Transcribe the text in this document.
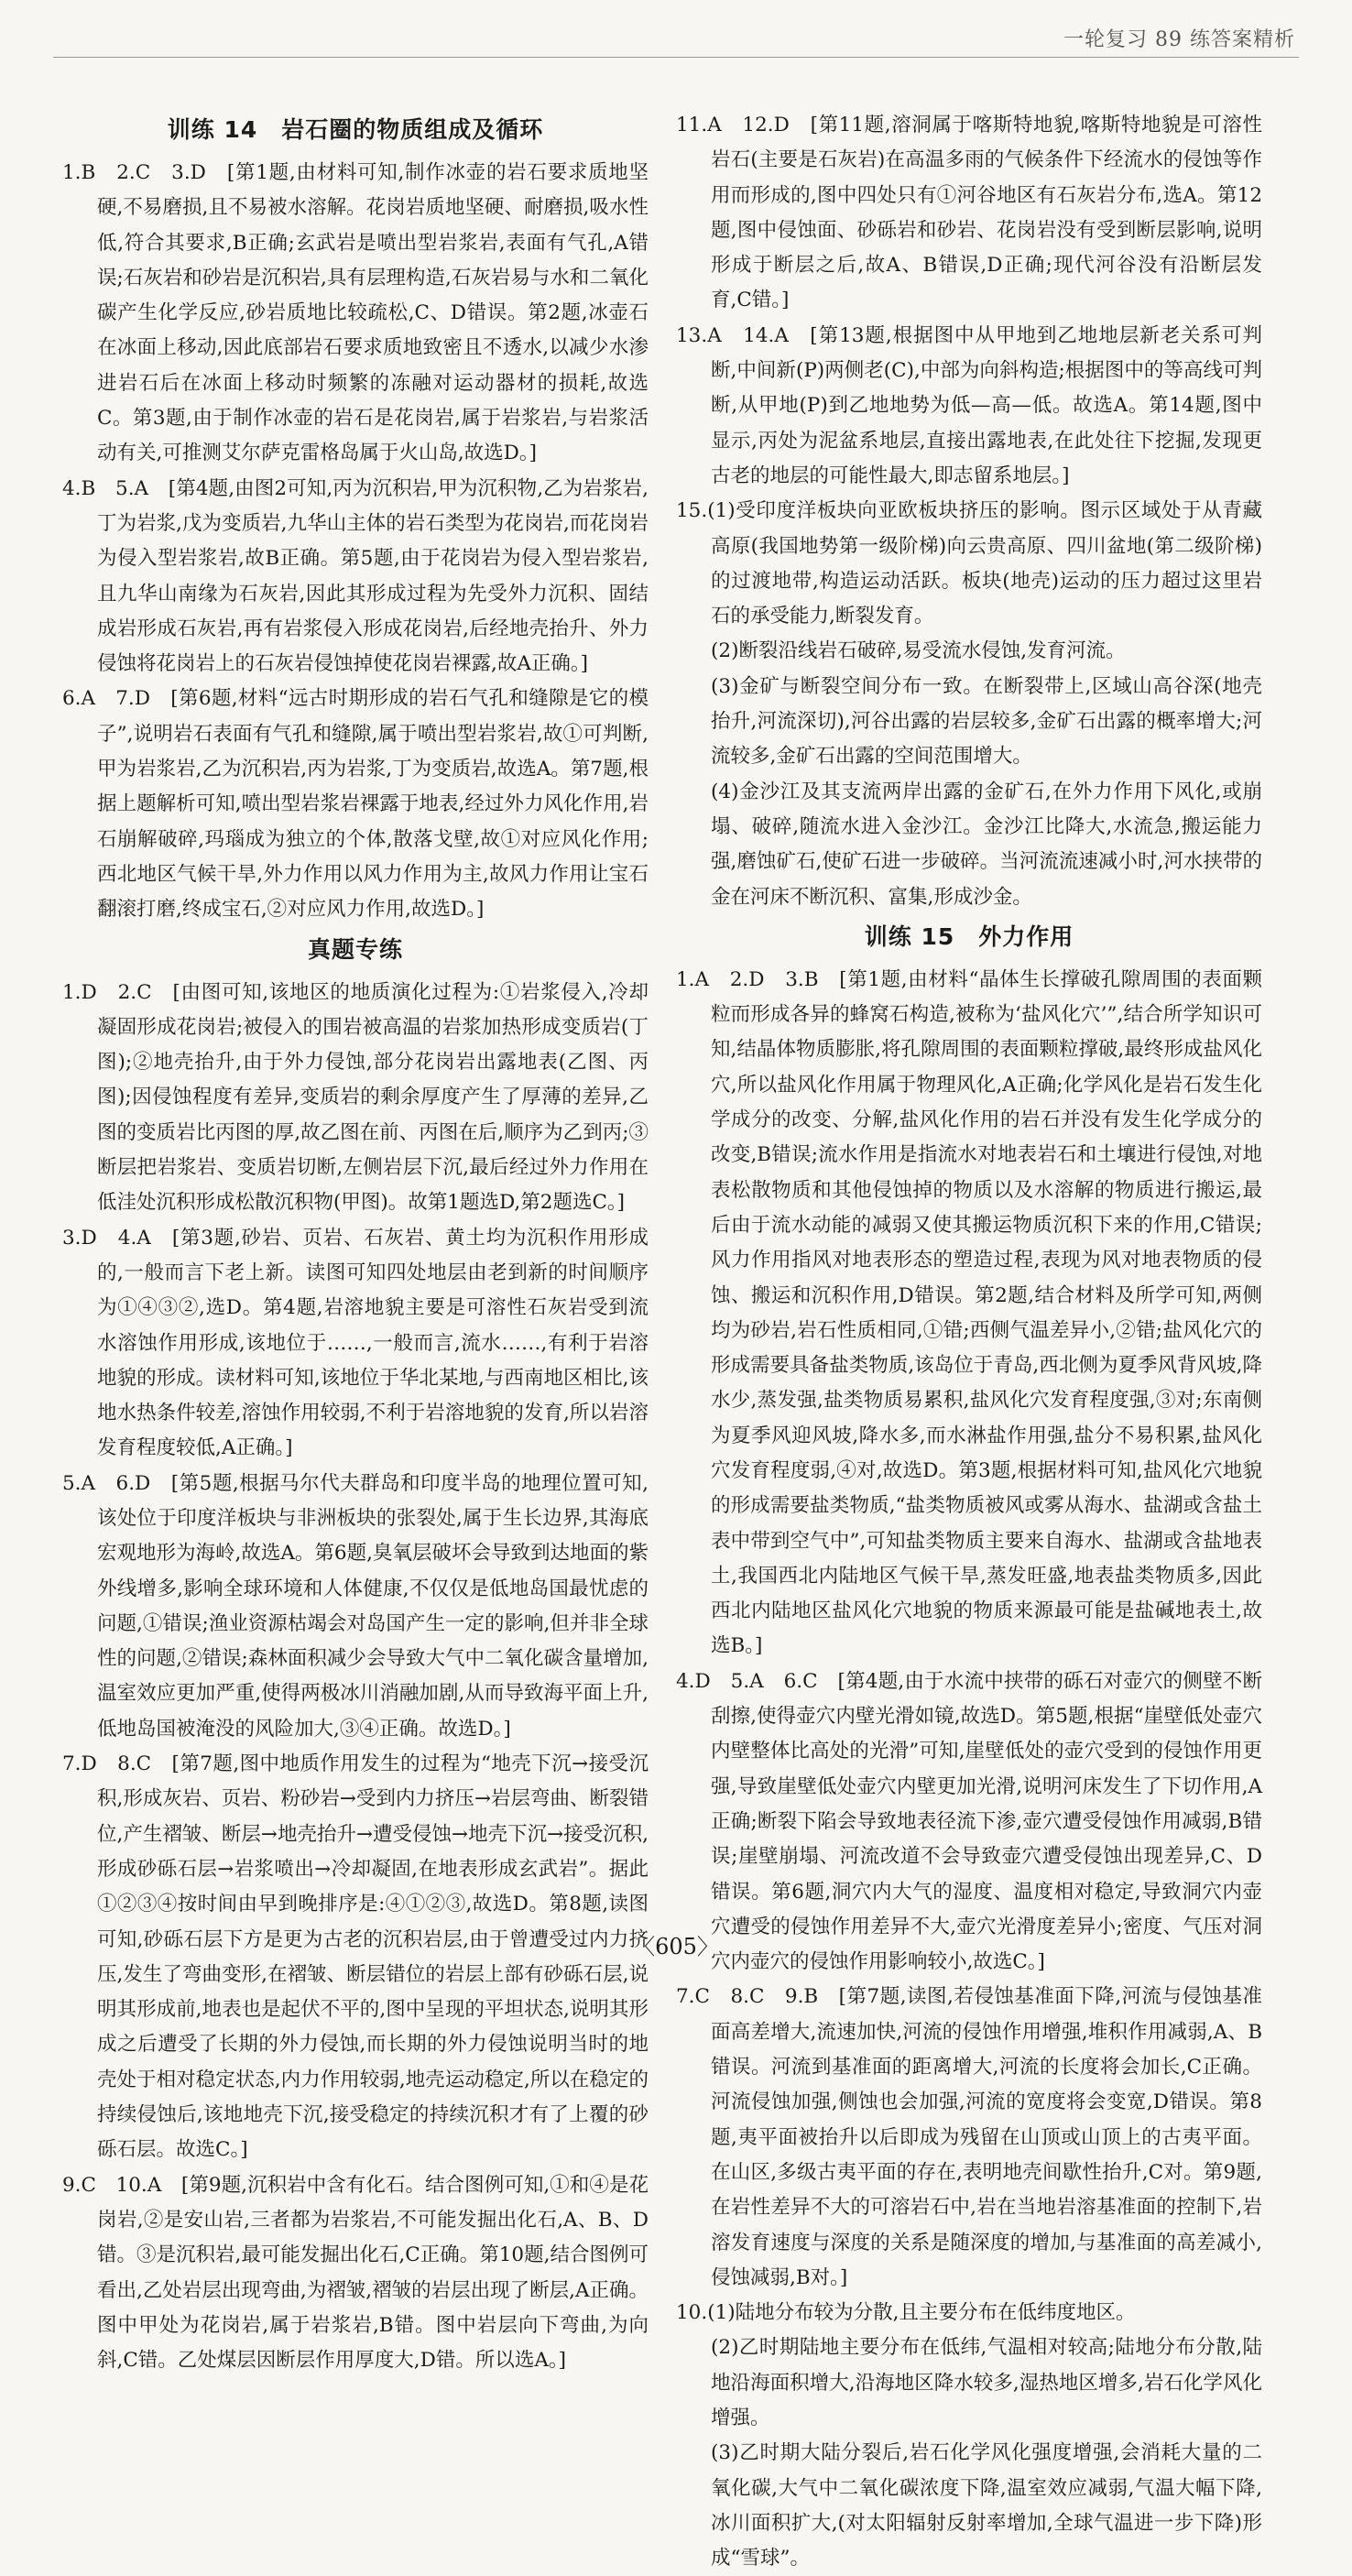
一轮复习 89 练答案精析
训练 14　岩石圈的物质组成及循环

1.B　2.C　3.D　[第1题,由材料可知,制作冰壶的岩石要求质地坚硬,不易磨损,且不易被水溶解。花岗岩质地坚硬、耐磨损,吸水性低,符合其要求,B正确;玄武岩是喷出型岩浆岩,表面有气孔,A错误;石灰岩和砂岩是沉积岩,具有层理构造,石灰岩易与水和二氧化碳产生化学反应,砂岩质地比较疏松,C、D错误。第2题,冰壶石在冰面上移动,因此底部岩石要求质地致密且不透水,以减少水渗进岩石后在冰面上移动时频繁的冻融对运动器材的损耗,故选C。第3题,由于制作冰壶的岩石是花岗岩,属于岩浆岩,与岩浆活动有关,可推测艾尔萨克雷格岛属于火山岛,故选D。]

4.B　5.A　[第4题,由图2可知,丙为沉积岩,甲为沉积物,乙为岩浆岩,丁为岩浆,戊为变质岩,九华山主体的岩石类型为花岗岩,而花岗岩为侵入型岩浆岩,故B正确。第5题,由于花岗岩为侵入型岩浆岩,且九华山南缘为石灰岩,因此其形成过程为先受外力沉积、固结成岩形成石灰岩,再有岩浆侵入形成花岗岩,后经地壳抬升、外力侵蚀将花岗岩上的石灰岩侵蚀掉使花岗岩裸露,故A正确。]

6.A　7.D　[第6题,材料“远古时期形成的岩石气孔和缝隙是它的模子”,说明岩石表面有气孔和缝隙,属于喷出型岩浆岩,故①可判断,甲为岩浆岩,乙为沉积岩,丙为岩浆,丁为变质岩,故选A。第7题,根据上题解析可知,喷出型岩浆岩裸露于地表,经过外力风化作用,岩石崩解破碎,玛瑙成为独立的个体,散落戈壁,故①对应风化作用;西北地区气候干旱,外力作用以风力作用为主,故风力作用让宝石翻滚打磨,终成宝石,②对应风力作用,故选D。]

真题专练

1.D　2.C　[由图可知,该地区的地质演化过程为:①岩浆侵入,冷却凝固形成花岗岩;被侵入的围岩被高温的岩浆加热形成变质岩(丁图);②地壳抬升,由于外力侵蚀,部分花岗岩出露地表(乙图、丙图);因侵蚀程度有差异,变质岩的剩余厚度产生了厚薄的差异,乙图的变质岩比丙图的厚,故乙图在前、丙图在后,顺序为乙到丙;③断层把岩浆岩、变质岩切断,左侧岩层下沉,最后经过外力作用在低洼处沉积形成松散沉积物(甲图)。故第1题选D,第2题选C。]

3.D　4.A　[第3题,砂岩、页岩、石灰岩、黄土均为沉积作用形成的,一般而言下老上新。读图可知四处地层由老到新的时间顺序为①④③②,选D。第4题,岩溶地貌主要是可溶性石灰岩受到流水溶蚀作用形成,该地位于……,一般而言,流水……,有利于岩溶地貌的形成。读材料可知,该地位于华北某地,与西南地区相比,该地水热条件较差,溶蚀作用较弱,不利于岩溶地貌的发育,所以岩溶发育程度较低,A正确。]

5.A　6.D　[第5题,根据马尔代夫群岛和印度半岛的地理位置可知,该处位于印度洋板块与非洲板块的张裂处,属于生长边界,其海底宏观地形为海岭,故选A。第6题,臭氧层破坏会导致到达地面的紫外线增多,影响全球环境和人体健康,不仅仅是低地岛国最忧虑的问题,①错误;渔业资源枯竭会对岛国产生一定的影响,但并非全球性的问题,②错误;森林面积减少会导致大气中二氧化碳含量增加,温室效应更加严重,使得两极冰川消融加剧,从而导致海平面上升,低地岛国被淹没的风险加大,③④正确。故选D。]

7.D　8.C　[第7题,图中地质作用发生的过程为“地壳下沉→接受沉积,形成灰岩、页岩、粉砂岩→受到内力挤压→岩层弯曲、断裂错位,产生褶皱、断层→地壳抬升→遭受侵蚀→地壳下沉→接受沉积,形成砂砾石层→岩浆喷出→冷却凝固,在地表形成玄武岩”。据此①②③④按时间由早到晚排序是:④①②③,故选D。第8题,读图可知,砂砾石层下方是更为古老的沉积岩层,由于曾遭受过内力挤压,发生了弯曲变形,在褶皱、断层错位的岩层上部有砂砾石层,说明其形成前,地表也是起伏不平的,图中呈现的平坦状态,说明其形成之后遭受了长期的外力侵蚀,而长期的外力侵蚀说明当时的地壳处于相对稳定状态,内力作用较弱,地壳运动稳定,所以在稳定的持续侵蚀后,该地地壳下沉,接受稳定的持续沉积才有了上覆的砂砾石层。故选C。]

9.C　10.A　[第9题,沉积岩中含有化石。结合图例可知,①和④是花岗岩,②是安山岩,三者都为岩浆岩,不可能发掘出化石,A、B、D错。③是沉积岩,最可能发掘出化石,C正确。第10题,结合图例可看出,乙处岩层出现弯曲,为褶皱,褶皱的岩层出现了断层,A正确。图中甲处为花岗岩,属于岩浆岩,B错。图中岩层向下弯曲,为向斜,C错。乙处煤层因断层作用厚度大,D错。所以选A。]

11.A　12.D　[第11题,溶洞属于喀斯特地貌,喀斯特地貌是可溶性岩石(主要是石灰岩)在高温多雨的气候条件下经流水的侵蚀等作用而形成的,图中四处只有①河谷地区有石灰岩分布,选A。第12题,图中侵蚀面、砂砾岩和砂岩、花岗岩没有受到断层影响,说明形成于断层之后,故A、B错误,D正确;现代河谷没有沿断层发育,C错。]

13.A　14.A　[第13题,根据图中从甲地到乙地地层新老关系可判断,中间新(P)两侧老(C),中部为向斜构造;根据图中的等高线可判断,从甲地(P)到乙地地势为低—高—低。故选A。第14题,图中显示,丙处为泥盆系地层,直接出露地表,在此处往下挖掘,发现更古老的地层的可能性最大,即志留系地层。]

15.(1)受印度洋板块向亚欧板块挤压的影响。图示区域处于从青藏高原(我国地势第一级阶梯)向云贵高原、四川盆地(第二级阶梯)的过渡地带,构造运动活跃。板块(地壳)运动的压力超过这里岩石的承受能力,断裂发育。

(2)断裂沿线岩石破碎,易受流水侵蚀,发育河流。

(3)金矿与断裂空间分布一致。在断裂带上,区域山高谷深(地壳抬升,河流深切),河谷出露的岩层较多,金矿石出露的概率增大;河流较多,金矿石出露的空间范围增大。

(4)金沙江及其支流两岸出露的金矿石,在外力作用下风化,或崩塌、破碎,随流水进入金沙江。金沙江比降大,水流急,搬运能力强,磨蚀矿石,使矿石进一步破碎。当河流流速减小时,河水挟带的金在河床不断沉积、富集,形成沙金。

训练 15　外力作用

1.A　2.D　3.B　[第1题,由材料“晶体生长撑破孔隙周围的表面颗粒而形成各异的蜂窝石构造,被称为‘盐风化穴’”,结合所学知识可知,结晶体物质膨胀,将孔隙周围的表面颗粒撑破,最终形成盐风化穴,所以盐风化作用属于物理风化,A正确;化学风化是岩石发生化学成分的改变、分解,盐风化作用的岩石并没有发生化学成分的改变,B错误;流水作用是指流水对地表岩石和土壤进行侵蚀,对地表松散物质和其他侵蚀掉的物质以及水溶解的物质进行搬运,最后由于流水动能的减弱又使其搬运物质沉积下来的作用,C错误;风力作用指风对地表形态的塑造过程,表现为风对地表物质的侵蚀、搬运和沉积作用,D错误。第2题,结合材料及所学可知,两侧均为砂岩,岩石性质相同,①错;西侧气温差异小,②错;盐风化穴的形成需要具备盐类物质,该岛位于青岛,西北侧为夏季风背风坡,降水少,蒸发强,盐类物质易累积,盐风化穴发育程度强,③对;东南侧为夏季风迎风坡,降水多,而水淋盐作用强,盐分不易积累,盐风化穴发育程度弱,④对,故选D。第3题,根据材料可知,盐风化穴地貌的形成需要盐类物质,“盐类物质被风或雾从海水、盐湖或含盐土表中带到空气中”,可知盐类物质主要来自海水、盐湖或含盐地表土,我国西北内陆地区气候干旱,蒸发旺盛,地表盐类物质多,因此西北内陆地区盐风化穴地貌的物质来源最可能是盐碱地表土,故选B。]

4.D　5.A　6.C　[第4题,由于水流中挟带的砾石对壶穴的侧壁不断刮擦,使得壶穴内壁光滑如镜,故选D。第5题,根据“崖壁低处壶穴内壁整体比高处的光滑”可知,崖壁低处的壶穴受到的侵蚀作用更强,导致崖壁低处壶穴内壁更加光滑,说明河床发生了下切作用,A正确;断裂下陷会导致地表径流下渗,壶穴遭受侵蚀作用减弱,B错误;崖壁崩塌、河流改道不会导致壶穴遭受侵蚀出现差异,C、D错误。第6题,洞穴内大气的湿度、温度相对稳定,导致洞穴内壶穴遭受的侵蚀作用差异不大,壶穴光滑度差异小;密度、气压对洞穴内壶穴的侵蚀作用影响较小,故选C。]

7.C　8.C　9.B　[第7题,读图,若侵蚀基准面下降,河流与侵蚀基准面高差增大,流速加快,河流的侵蚀作用增强,堆积作用减弱,A、B错误。河流到基准面的距离增大,河流的长度将会加长,C正确。河流侵蚀加强,侧蚀也会加强,河流的宽度将会变宽,D错误。第8题,夷平面被抬升以后即成为残留在山顶或山顶上的古夷平面。在山区,多级古夷平面的存在,表明地壳间歇性抬升,C对。第9题,在岩性差异不大的可溶岩石中,岩在当地岩溶基准面的控制下,岩溶发育速度与深度的关系是随深度的增加,与基准面的高差减小,侵蚀减弱,B对。]

10.(1)陆地分布较为分散,且主要分布在低纬度地区。

(2)乙时期陆地主要分布在低纬,气温相对较高;陆地分布分散,陆地沿海面积增大,沿海地区降水较多,湿热地区增多,岩石化学风化增强。

(3)乙时期大陆分裂后,岩石化学风化强度增强,会消耗大量的二氧化碳,大气中二氧化碳浓度下降,温室效应减弱,气温大幅下降,冰川面积扩大,(对太阳辐射反射率增加,全球气温进一步下降)形成“雪球”。

〈605〉
